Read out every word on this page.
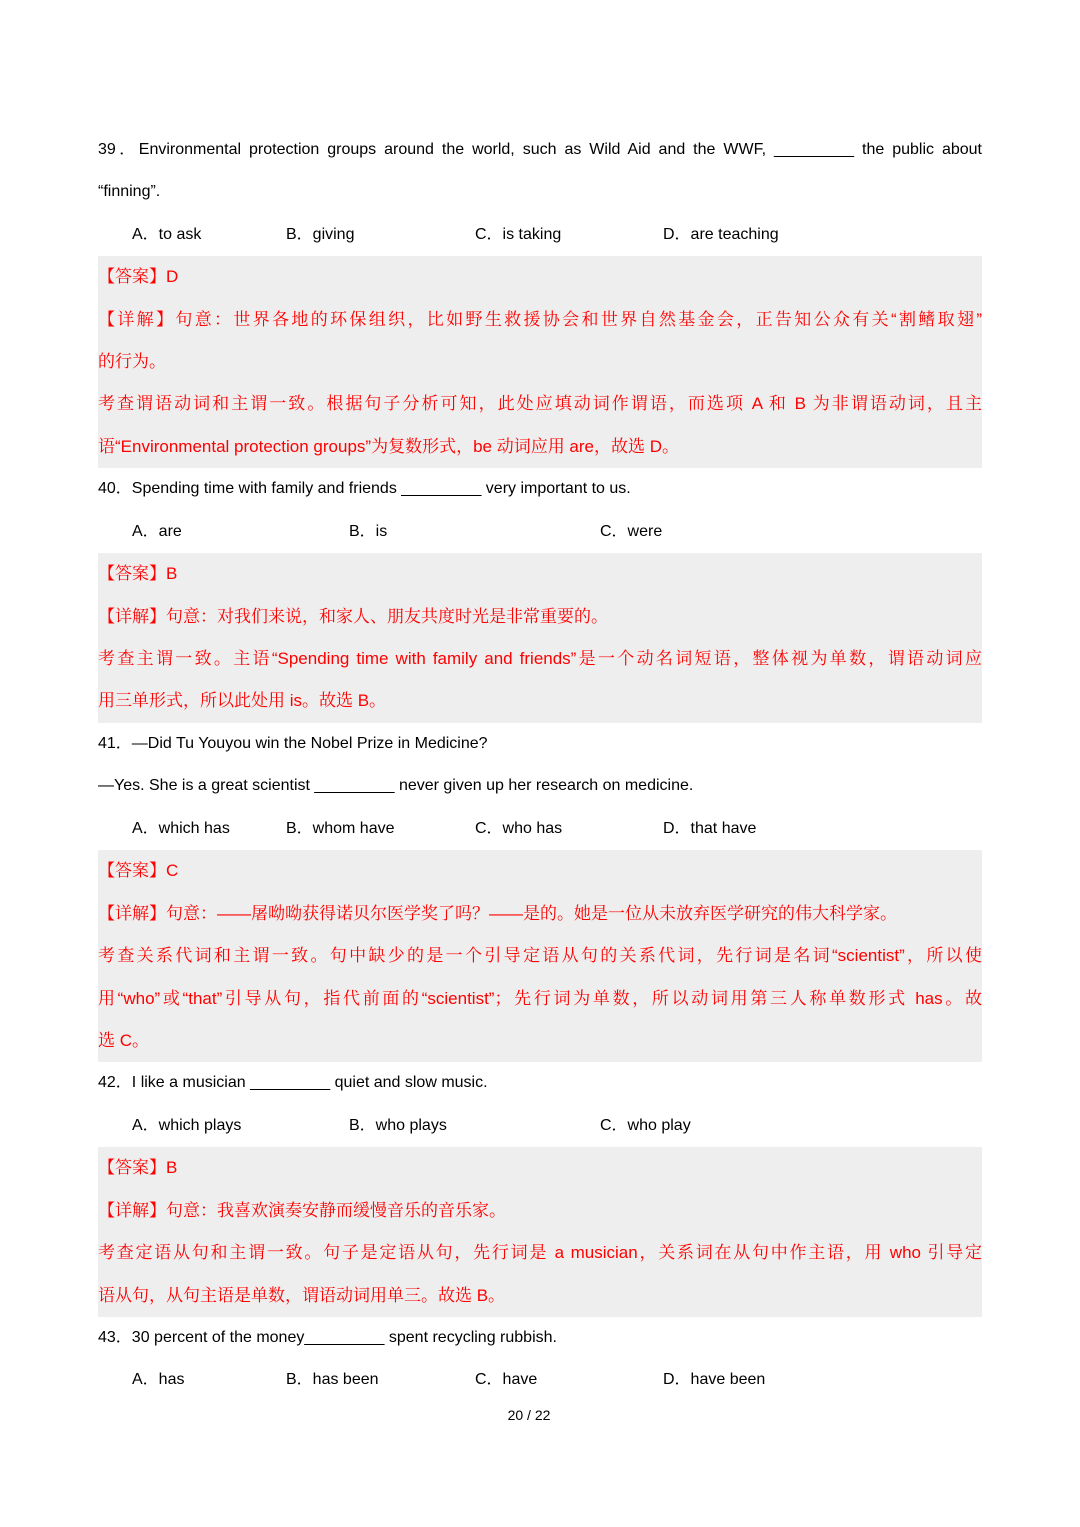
39．Environmental protection groups around the world, such as Wild Aid and the WWF, _________ the public about
“finning”.
A．to ask	B．giving	C．is taking	D．are teaching
【答案】D
【详解】句意：世界各地的环保组织，比如野生救援协会和世界自然基金会，正告知公众有关“割鳍取翅”
的行为。
考查谓语动词和主谓一致。根据句子分析可知，此处应填动词作谓语，而选项 A 和 B 为非谓语动词，且主
语“Environmental protection groups”为复数形式，be 动词应用 are，故选 D。
40．Spending time with family and friends _________ very important to us.
A．are	B．is	C．were
【答案】B
【详解】句意：对我们来说，和家人、朋友共度时光是非常重要的。
考查主谓一致。主语“Spending time with family and friends”是一个动名词短语，整体视为单数，谓语动词应
用三单形式，所以此处用 is。故选 B。
41．—Did Tu Youyou win the Nobel Prize in Medicine?
—Yes. She is a great scientist _________ never given up her research on medicine.
A．which has	B．whom have	C．who has	D．that have
【答案】C
【详解】句意：——屠呦呦获得诺贝尔医学奖了吗？——是的。她是一位从未放弃医学研究的伟大科学家。
考查关系代词和主谓一致。句中缺少的是一个引导定语从句的关系代词，先行词是名词“scientist”，所以使
用“who”或“that”引导从句，指代前面的“scientist”；先行词为单数，所以动词用第三人称单数形式 has。故
选 C。
42．I like a musician _________ quiet and slow music.
A．which plays	B．who plays	C．who play
【答案】B
【详解】句意：我喜欢演奏安静而缓慢音乐的音乐家。
考查定语从句和主谓一致。句子是定语从句，先行词是 a musician，关系词在从句中作主语，用 who 引导定
语从句，从句主语是单数，谓语动词用单三。故选 B。
43．30 percent of the money_________ spent recycling rubbish.
A．has	B．has been	C．have	D．have been
20 / 22
